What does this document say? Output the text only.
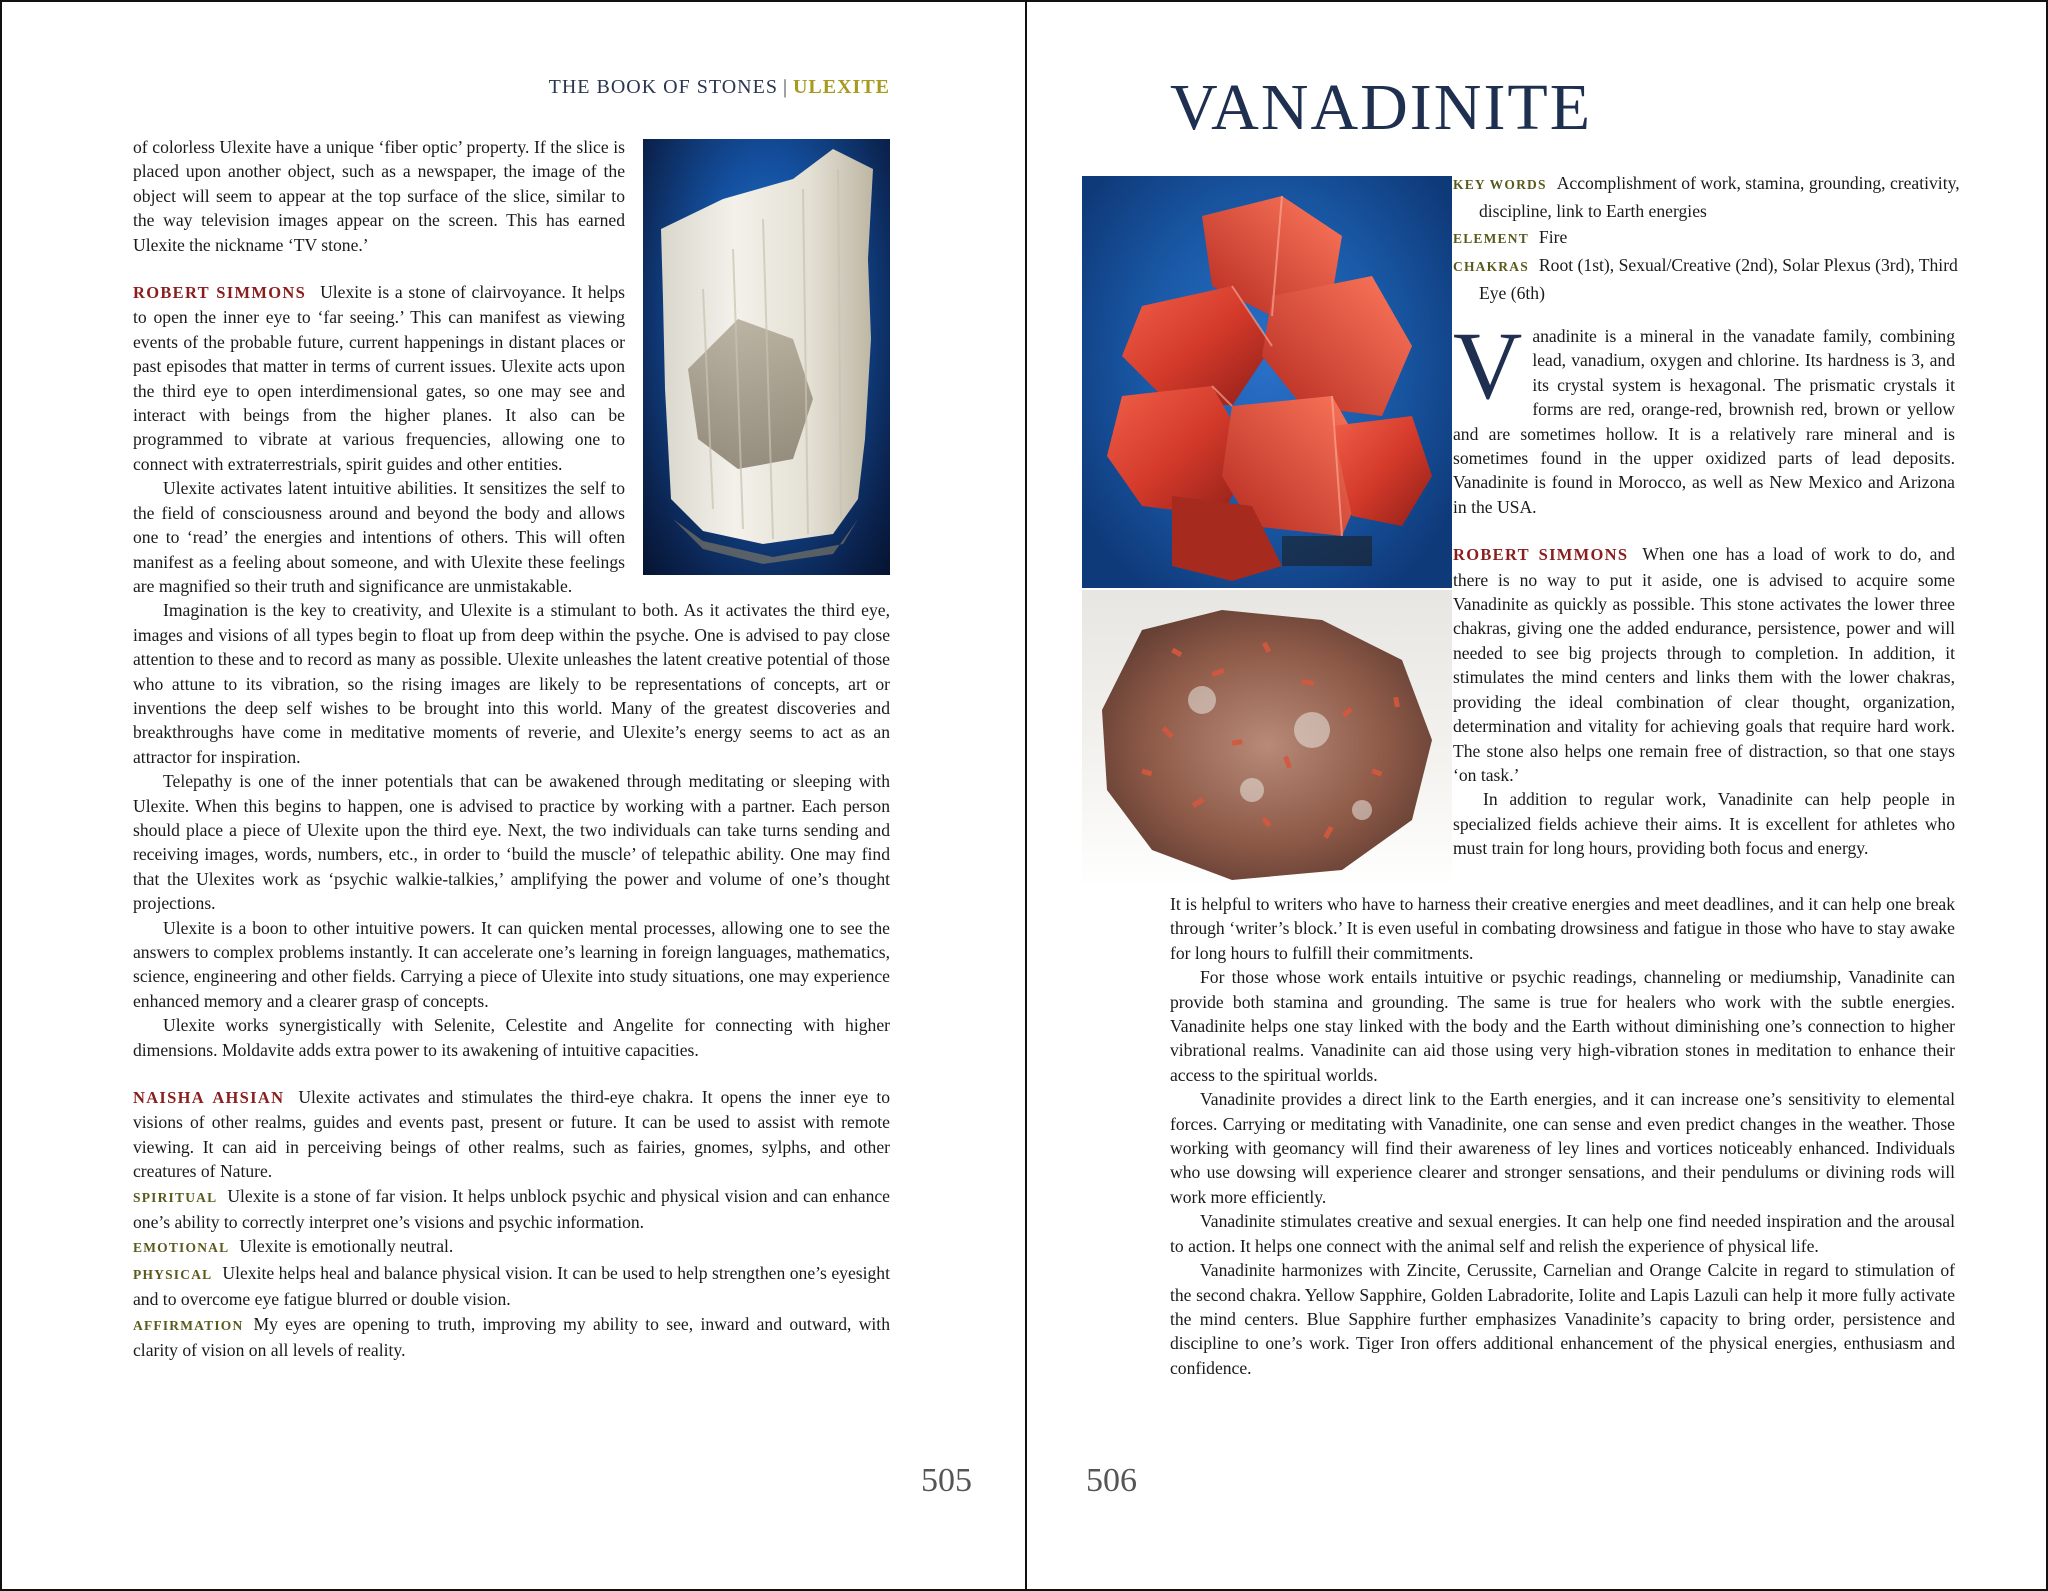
THE BOOK OF STONES | ULEXITE

of colorless Ulexite have a unique ‘fiber optic’ property. If the slice is placed upon another object, such as a newspaper, the image of the object will seem to appear at the top surface of the slice, similar to the way television images appear on the screen. This has earned Ulexite the nickname ‘TV stone.’

ROBERT SIMMONS Ulexite is a stone of clairvoyance. It helps to open the inner eye to ‘far seeing.’ This can manifest as viewing events of the probable future, current happenings in distant places or past episodes that matter in terms of current issues. Ulexite acts upon the third eye to open interdimensional gates, so one may see and interact with beings from the higher planes. It also can be programmed to vibrate at various frequencies, allowing one to connect with extraterrestrials, spirit guides and other entities.

Ulexite activates latent intuitive abilities. It sensitizes the self to the field of consciousness around and beyond the body and allows one to ‘read’ the energies and intentions of others. This will often manifest as a feeling about someone, and with Ulexite these feelings are magnified so their truth and significance are unmistakable.

Imagination is the key to creativity, and Ulexite is a stimulant to both. As it activates the third eye, images and visions of all types begin to float up from deep within the psyche. One is advised to pay close attention to these and to record as many as possible. Ulexite unleashes the latent creative potential of those who attune to its vibration, so the rising images are likely to be representations of concepts, art or inventions the deep self wishes to be brought into this world. Many of the greatest discoveries and breakthroughs have come in meditative moments of reverie, and Ulexite’s energy seems to act as an attractor for inspiration.

Telepathy is one of the inner potentials that can be awakened through meditating or sleeping with Ulexite. When this begins to happen, one is advised to practice by working with a partner. Each person should place a piece of Ulexite upon the third eye. Next, the two individuals can take turns sending and receiving images, words, numbers, etc., in order to ‘build the muscle’ of telepathic ability. One may find that the Ulexites work as ‘psychic walkie-talkies,’ amplifying the power and volume of one’s thought projections.

Ulexite is a boon to other intuitive powers. It can quicken mental processes, allowing one to see the answers to complex problems instantly. It can accelerate one’s learning in foreign languages, mathematics, science, engineering and other fields. Carrying a piece of Ulexite into study situations, one may experience enhanced memory and a clearer grasp of concepts.

Ulexite works synergistically with Selenite, Celestite and Angelite for connecting with higher dimensions. Moldavite adds extra power to its awakening of intuitive capacities.

NAISHA AHSIAN Ulexite activates and stimulates the third-eye chakra. It opens the inner eye to visions of other realms, guides and events past, present or future. It can be used to assist with remote viewing. It can aid in perceiving beings of other realms, such as fairies, gnomes, sylphs, and other creatures of Nature.

SPIRITUAL Ulexite is a stone of far vision. It helps unblock psychic and physical vision and can enhance one’s ability to correctly interpret one’s visions and psychic information.

EMOTIONAL Ulexite is emotionally neutral.

PHYSICAL Ulexite helps heal and balance physical vision. It can be used to help strengthen one’s eyesight and to overcome eye fatigue blurred or double vision.

AFFIRMATION My eyes are opening to truth, improving my ability to see, inward and outward, with clarity of vision on all levels of reality.

505
VANADINITE
KEY WORDS Accomplishment of work, stamina, grounding, creativity, discipline, link to Earth energies
ELEMENT Fire
CHAKRAS Root (1st), Sexual/Creative (2nd), Solar Plexus (3rd), Third Eye (6th)

Vanadinite is a mineral in the vanadate family, combining lead, vanadium, oxygen and chlorine. Its hardness is 3, and its crystal system is hexagonal. The prismatic crystals it forms are red, orange-red, brownish red, brown or yellow and are sometimes hollow. It is a relatively rare mineral and is sometimes found in the upper oxidized parts of lead deposits. Vanadinite is found in Morocco, as well as New Mexico and Arizona in the USA.

ROBERT SIMMONS When one has a load of work to do, and there is no way to put it aside, one is advised to acquire some Vanadinite as quickly as possible. This stone activates the lower three chakras, giving one the added endurance, persistence, power and will needed to see big projects through to completion. In addition, it stimulates the mind centers and links them with the lower chakras, providing the ideal combination of clear thought, organization, determination and vitality for achieving goals that require hard work. The stone also helps one remain free of distraction, so that one stays ‘on task.’

In addition to regular work, Vanadinite can help people in specialized fields achieve their aims. It is excellent for athletes who must train for long hours, providing both focus and energy.

It is helpful to writers who have to harness their creative energies and meet deadlines, and it can help one break through ‘writer’s block.’ It is even useful in combating drowsiness and fatigue in those who have to stay awake for long hours to fulfill their commitments.

For those whose work entails intuitive or psychic readings, channeling or mediumship, Vanadinite can provide both stamina and grounding. The same is true for healers who work with the subtle energies. Vanadinite helps one stay linked with the body and the Earth without diminishing one’s connection to higher vibrational realms. Vanadinite can aid those using very high-vibration stones in meditation to enhance their access to the spiritual worlds.

Vanadinite provides a direct link to the Earth energies, and it can increase one’s sensitivity to elemental forces. Carrying or meditating with Vanadinite, one can sense and even predict changes in the weather. Those working with geomancy will find their awareness of ley lines and vortices noticeably enhanced. Individuals who use dowsing will experience clearer and stronger sensations, and their pendulums or divining rods will work more efficiently.

Vanadinite stimulates creative and sexual energies. It can help one find needed inspiration and the arousal to action. It helps one connect with the animal self and relish the experience of physical life.

Vanadinite harmonizes with Zincite, Cerussite, Carnelian and Orange Calcite in regard to stimulation of the second chakra. Yellow Sapphire, Golden Labradorite, Iolite and Lapis Lazuli can help it more fully activate the mind centers. Blue Sapphire further emphasizes Vanadinite’s capacity to bring order, persistence and discipline to one’s work. Tiger Iron offers additional enhancement of the physical energies, enthusiasm and confidence.

506
